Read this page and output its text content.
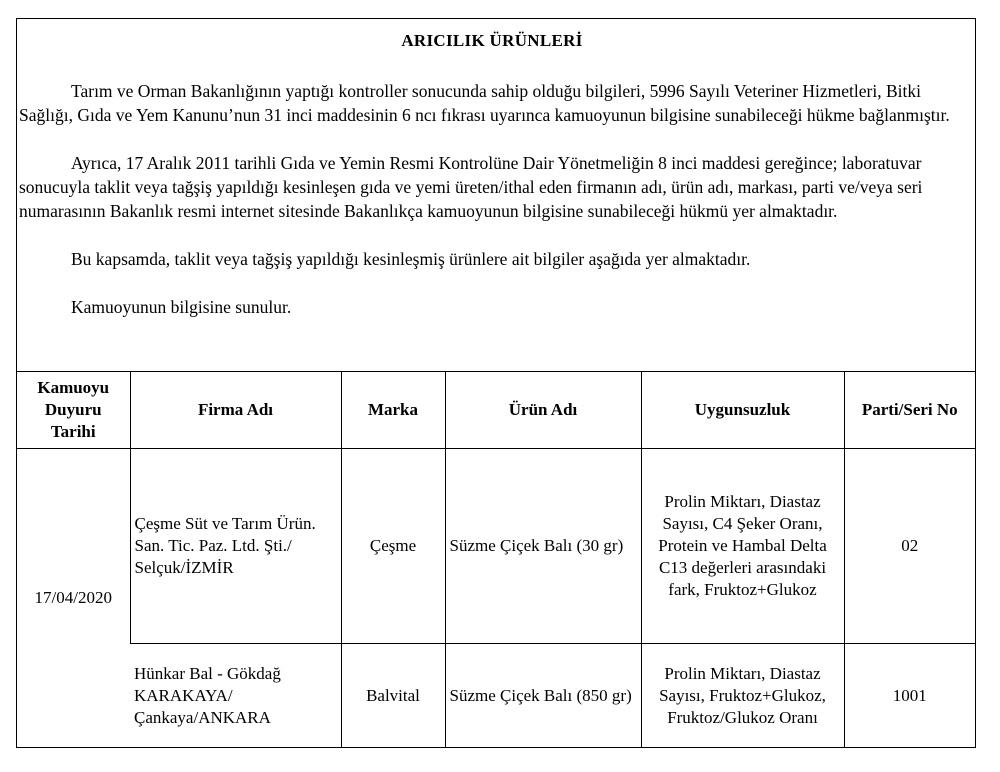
ARICILIK ÜRÜNLERİ

Tarım ve Orman Bakanlığının yaptığı kontroller sonucunda sahip olduğu bilgileri, 5996 Sayılı Veteriner Hizmetleri, Bitki Sağlığı, Gıda ve Yem Kanunu’nun 31 inci maddesinin 6 ncı fıkrası uyarınca kamuoyunun bilgisine sunabileceği hükme bağlanmıştır.

Ayrıca, 17 Aralık 2011 tarihli Gıda ve Yemin Resmi Kontrolüne Dair Yönetmeliğin 8 inci maddesi gereğince; laboratuvar sonucuyla taklit veya tağşiş yapıldığı kesinleşen gıda ve yemi üreten/ithal eden firmanın adı, ürün adı, markası, parti ve/veya seri numarasının Bakanlık resmi internet sitesinde Bakanlıkça kamuoyunun bilgisine sunabileceği hükmü yer almaktadır.

Bu kapsamda, taklit veya tağşiş yapıldığı kesinleşmiş ürünlere ait bilgiler aşağıda yer almaktadır.

Kamuoyunun bilgisine sunulur.

Kamuoyu Duyuru Tarihi	Firma Adı	Marka	Ürün Adı	Uygunsuzluk	Parti/Seri No
17/04/2020	Çeşme Süt ve Tarım Ürün. San. Tic. Paz. Ltd. Şti./ Selçuk/İZMİR	Çeşme	Süzme Çiçek Balı (30 gr)	Prolin Miktarı, Diastaz Sayısı, C4 Şeker Oranı, Protein ve Hambal Delta C13 değerleri arasındaki fark, Fruktoz+Glukoz	02
	Hünkar Bal - Gökdağ KARAKAYA/ Çankaya/ANKARA	Balvital	Süzme Çiçek Balı (850 gr)	Prolin Miktarı, Diastaz Sayısı, Fruktoz+Glukoz, Fruktoz/Glukoz Oranı	1001
